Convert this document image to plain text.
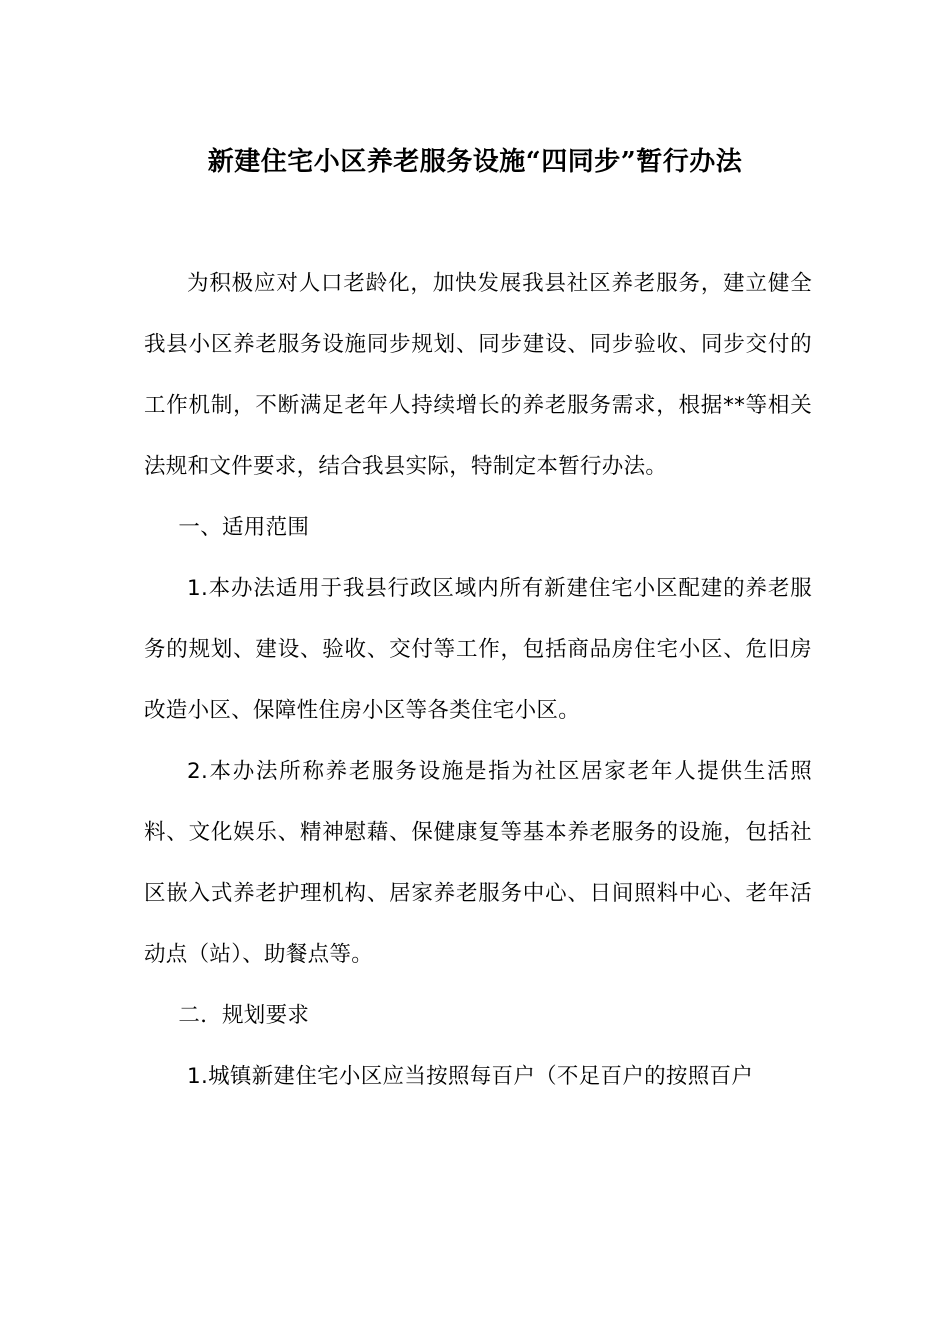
新建住宅小区养老服务设施“四同步”暂行办法

为积极应对人口老龄化，加快发展我县社区养老服务，建立健全我县小区养老服务设施同步规划、同步建设、同步验收、同步交付的工作机制，不断满足老年人持续增长的养老服务需求，根据**等相关法规和文件要求，结合我县实际，特制定本暂行办法。

一、适用范围

1.本办法适用于我县行政区域内所有新建住宅小区配建的养老服务的规划、建设、验收、交付等工作，包括商品房住宅小区、危旧房改造小区、保障性住房小区等各类住宅小区。

2.本办法所称养老服务设施是指为社区居家老年人提供生活照料、文化娱乐、精神慰藉、保健康复等基本养老服务的设施，包括社区嵌入式养老护理机构、居家养老服务中心、日间照料中心、老年活动点（站）、助餐点等。

二．规划要求

1.城镇新建住宅小区应当按照每百户（不足百户的按照百户
